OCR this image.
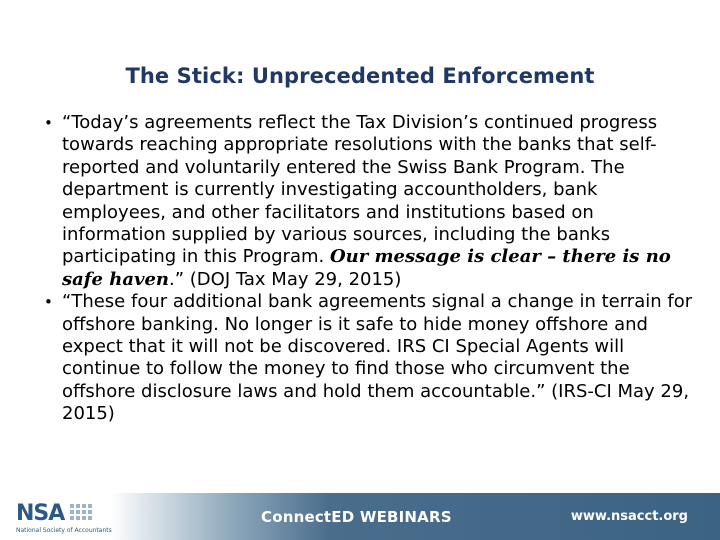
The Stick: Unprecedented Enforcement
• “Today’s agreements reflect the Tax Division’s continued progress towards reaching appropriate resolutions with the banks that self-reported and voluntarily entered the Swiss Bank Program. The department is currently investigating accountholders, bank employees, and other facilitators and institutions based on information supplied by various sources, including the banks participating in this Program. Our message is clear – there is no safe haven.” (DOJ Tax May 29, 2015)
• “These four additional bank agreements signal a change in terrain for offshore banking. No longer is it safe to hide money offshore and expect that it will not be discovered. IRS CI Special Agents will continue to follow the money to find those who circumvent the offshore disclosure laws and hold them accountable.” (IRS-CI May 29, 2015)
NSA
National Society of Accountants
ConnectED WEBINARS	www.nsacct.org
